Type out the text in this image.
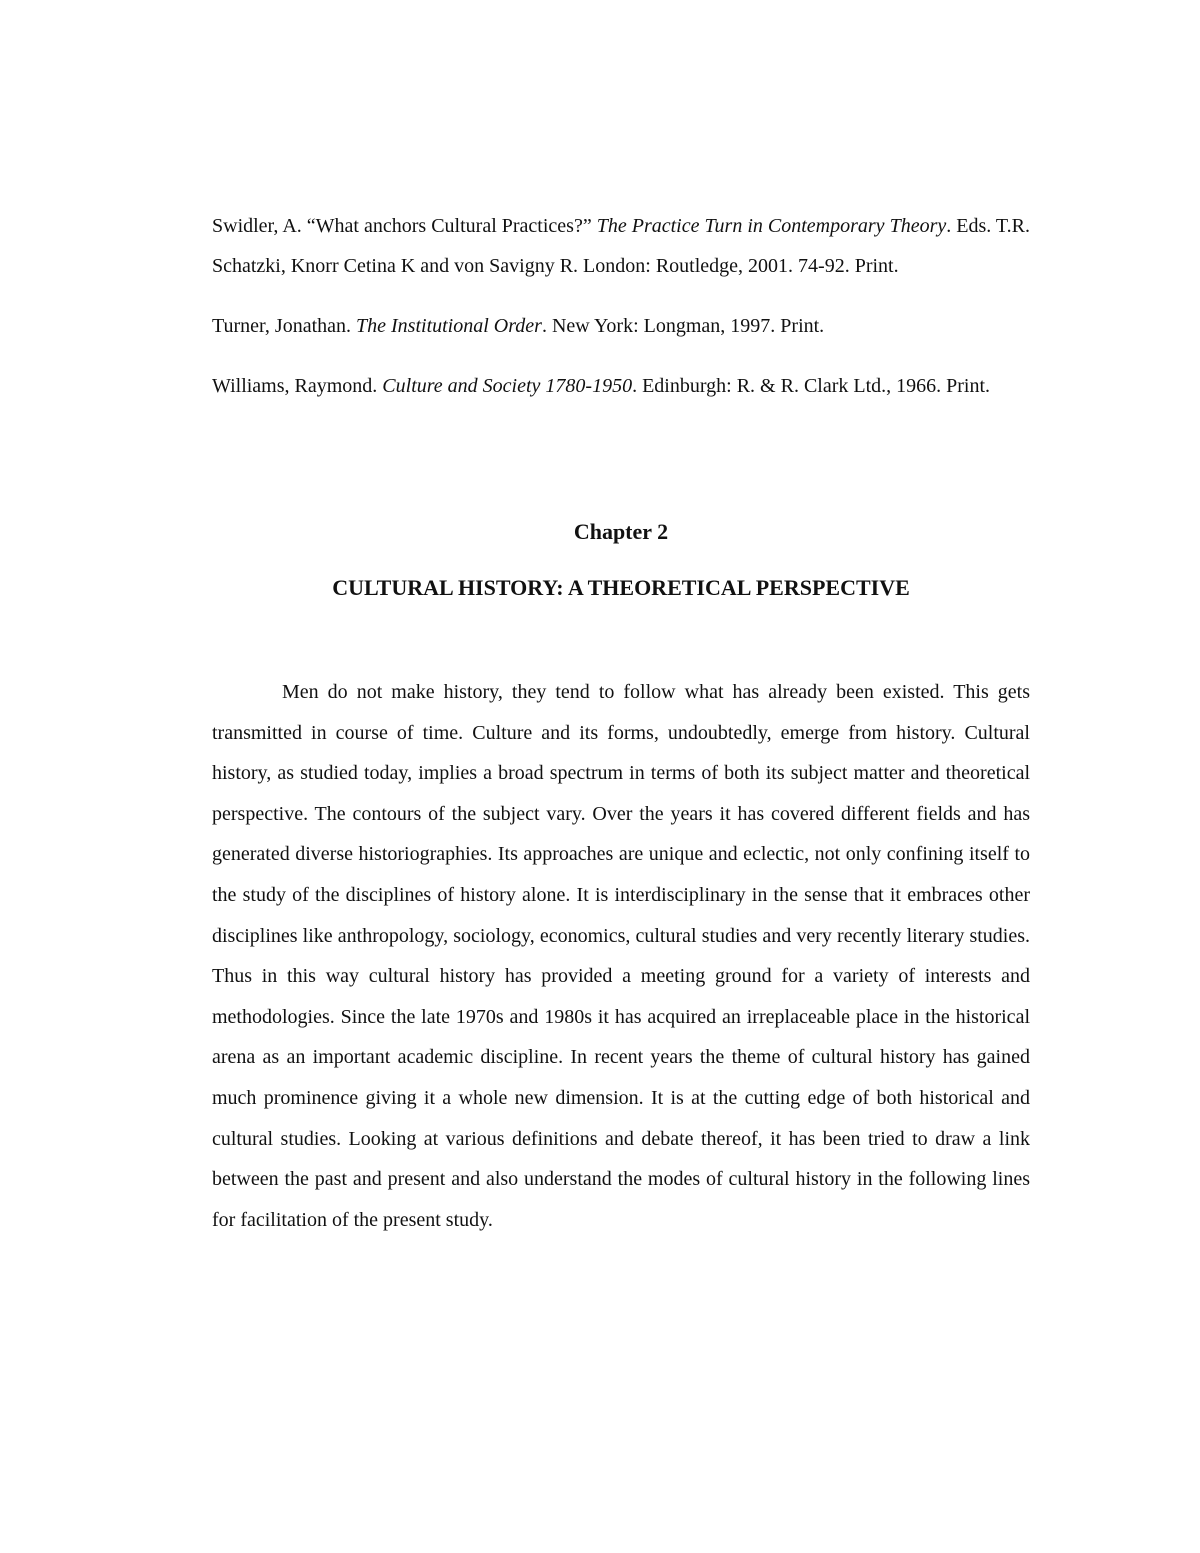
Swidler, A. “What anchors Cultural Practices?” The Practice Turn in Contemporary Theory. Eds. T.R. Schatzki, Knorr Cetina K and von Savigny R. London: Routledge, 2001. 74-92. Print.

Turner, Jonathan. The Institutional Order. New York: Longman, 1997. Print.

Williams, Raymond. Culture and Society 1780-1950. Edinburgh: R. & R. Clark Ltd., 1966. Print.

Chapter 2
CULTURAL HISTORY: A THEORETICAL PERSPECTIVE

Men do not make history, they tend to follow what has already been existed. This gets transmitted in course of time. Culture and its forms, undoubtedly, emerge from history. Cultural history, as studied today, implies a broad spectrum in terms of both its subject matter and theoretical perspective. The contours of the subject vary. Over the years it has covered different fields and has generated diverse historiographies. Its approaches are unique and eclectic, not only confining itself to the study of the disciplines of history alone. It is interdisciplinary in the sense that it embraces other disciplines like anthropology, sociology, economics, cultural studies and very recently literary studies. Thus in this way cultural history has provided a meeting ground for a variety of interests and methodologies. Since the late 1970s and 1980s it has acquired an irreplaceable place in the historical arena as an important academic discipline. In recent years the theme of cultural history has gained much prominence giving it a whole new dimension. It is at the cutting edge of both historical and cultural studies. Looking at various definitions and debate thereof, it has been tried to draw a link between the past and present and also understand the modes of cultural history in the following lines for facilitation of the present study.
